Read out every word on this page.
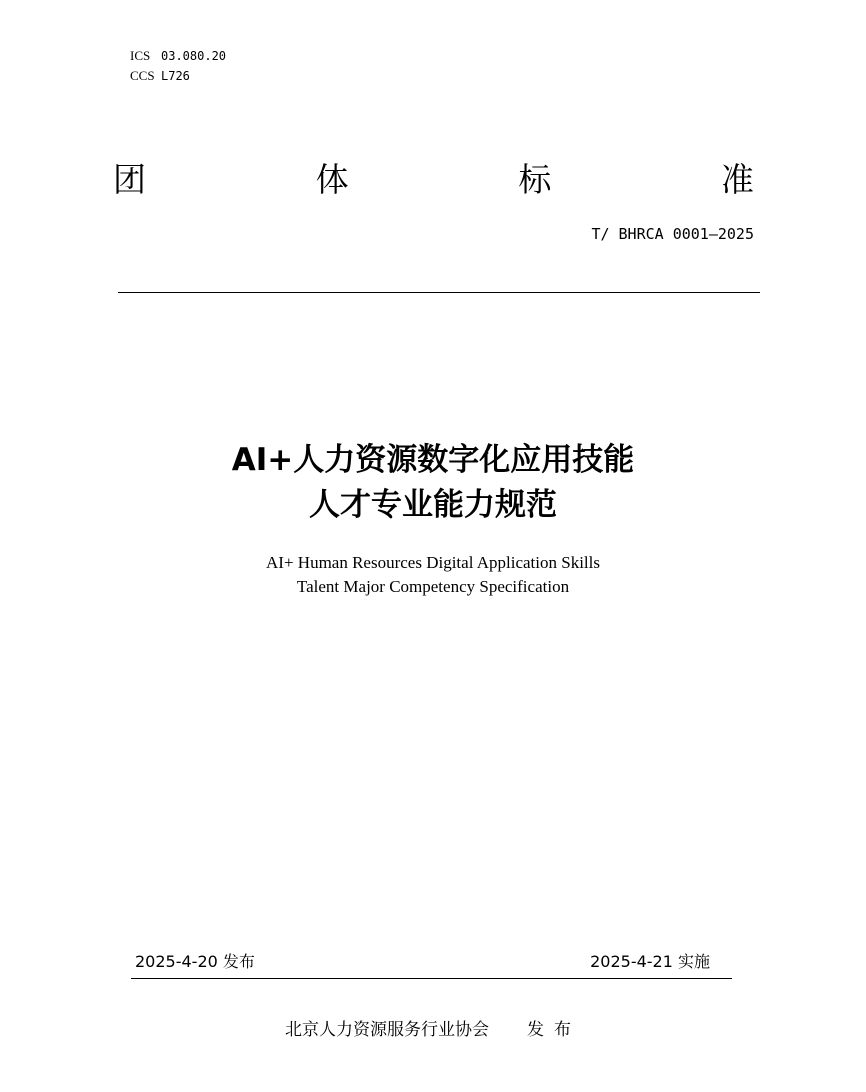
ICS 03.080.20
CCS L726
团	体	标	准
T/ BHRCA 0001—2025
AI+人力资源数字化应用技能
人才专业能力规范
AI+ Human Resources Digital Application Skills
Talent Major Competency Specification
2025-4-20 发布	2025-4-21 实施
北京人力资源服务行业协会 发布
